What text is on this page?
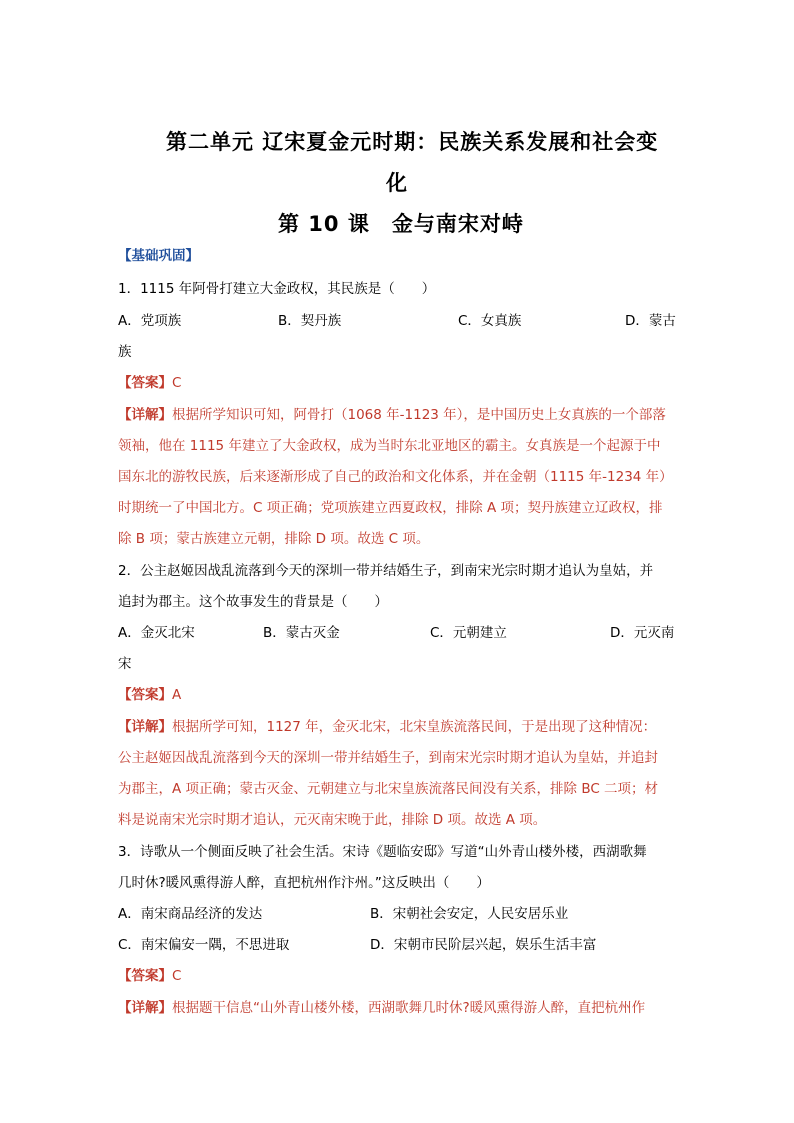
第二单元 辽宋夏金元时期：民族关系发展和社会变
化
第 10 课　金与南宋对峙
【基础巩固】
1．1115 年阿骨打建立大金政权，其民族是（　　）
A．党项族	B．契丹族	C．女真族	D．蒙古
族
【答案】C
【详解】根据所学知识可知，阿骨打（1068 年-1123 年），是中国历史上女真族的一个部落
领袖，他在 1115 年建立了大金政权，成为当时东北亚地区的霸主。女真族是一个起源于中
国东北的游牧民族，后来逐渐形成了自己的政治和文化体系，并在金朝（1115 年-1234 年）
时期统一了中国北方。C 项正确；党项族建立西夏政权，排除 A 项；契丹族建立辽政权，排
除 B 项；蒙古族建立元朝，排除 D 项。故选 C 项。
2．公主赵姬因战乱流落到今天的深圳一带并结婚生子，到南宋光宗时期才追认为皇姑，并
追封为郡主。这个故事发生的背景是（　　）
A．金灭北宋	B．蒙古灭金	C．元朝建立	D．元灭南
宋
【答案】A
【详解】根据所学可知，1127 年，金灭北宋，北宋皇族流落民间，于是出现了这种情况：
公主赵姬因战乱流落到今天的深圳一带并结婚生子，到南宋光宗时期才追认为皇姑，并追封
为郡主，A 项正确；蒙古灭金、元朝建立与北宋皇族流落民间没有关系，排除 BC 二项；材
料是说南宋光宗时期才追认，元灭南宋晚于此，排除 D 项。故选 A 项。
3．诗歌从一个侧面反映了社会生活。宋诗《题临安邸》写道“山外青山楼外楼，西湖歌舞
几时休?暖风熏得游人醉，直把杭州作汴州。”这反映出（　　）
A．南宋商品经济的发达	B．宋朝社会安定，人民安居乐业
C．南宋偏安一隅，不思进取	D．宋朝市民阶层兴起，娱乐生活丰富
【答案】C
【详解】根据题干信息“山外青山楼外楼，西湖歌舞几时休?暖风熏得游人醉，直把杭州作
